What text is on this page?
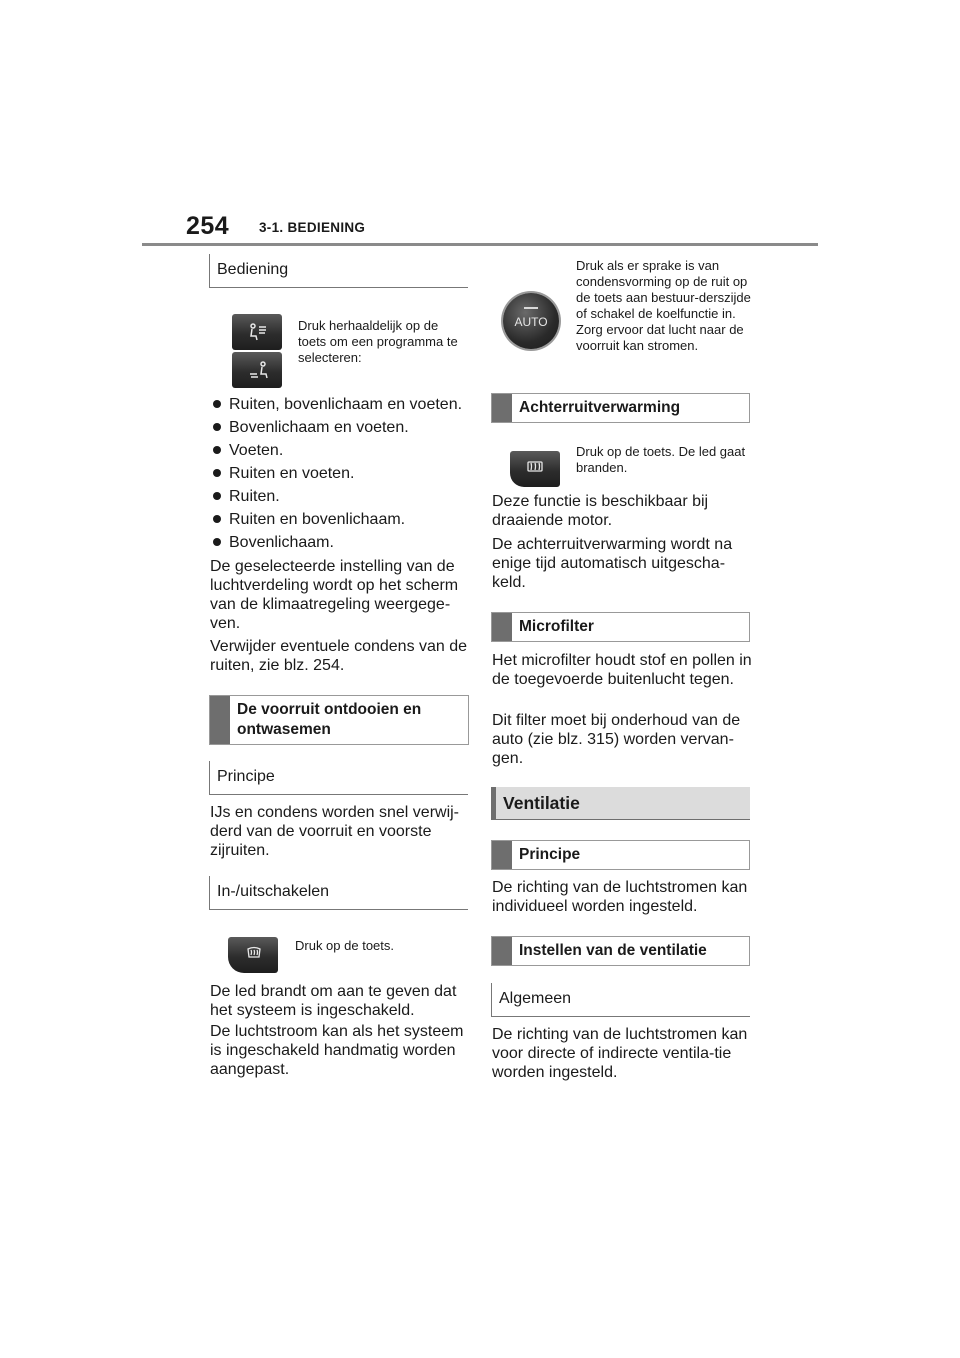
254 3-1. BEDIENING
Bediening
Druk herhaaldelijk op de toets om een programma te selecteren:
Ruiten, bovenlichaam en voeten.
Bovenlichaam en voeten.
Voeten.
Ruiten en voeten.
Ruiten.
Ruiten en bovenlichaam.
Bovenlichaam.
De geselecteerde instelling van de luchtverdeling wordt op het scherm van de klimaatregeling weergege-ven.
Verwijder eventuele condens van de ruiten, zie blz. 254.
De voorruit ontdooien en ontwasemen
Principe
IJs en condens worden snel verwij-derd van de voorruit en voorste zijruiten.
In-/uitschakelen
Druk op de toets.
De led brandt om aan te geven dat het systeem is ingeschakeld.
De luchtstroom kan als het systeem is ingeschakeld handmatig worden aangepast.
AUTO
Druk als er sprake is van condensvorming op de ruit op de toets aan bestuur-derszijde of schakel de koelfunctie in. Zorg ervoor dat lucht naar de voorruit kan stromen.
Achterruitverwarming
Druk op de toets. De led gaat branden.
Deze functie is beschikbaar bij draaiende motor.
De achterruitverwarming wordt na enige tijd automatisch uitgescha-keld.
Microfilter
Het microfilter houdt stof en pollen in de toegevoerde buitenlucht tegen.
Dit filter moet bij onderhoud van de auto (zie blz. 315) worden vervan-gen.
Ventilatie
Principe
De richting van de luchtstromen kan individueel worden ingesteld.
Instellen van de ventilatie
Algemeen
De richting van de luchtstromen kan voor directe of indirecte ventila-tie worden ingesteld.
